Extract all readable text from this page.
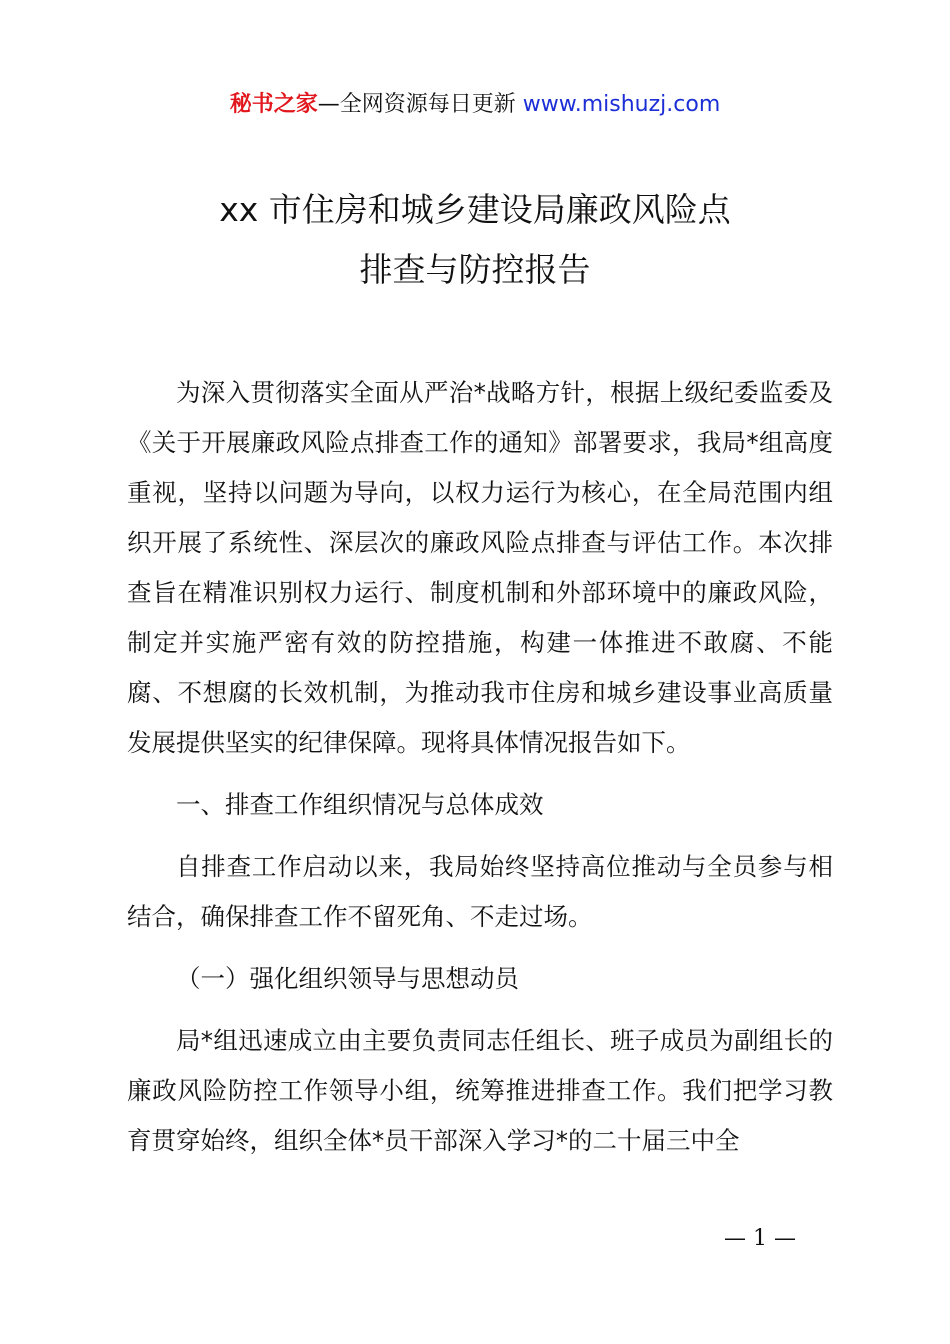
秘书之家—全网资源每日更新 www.mishuzj.com
xx 市住房和城乡建设局廉政风险点
排查与防控报告

为深入贯彻落实全面从严治*战略方针，根据上级纪委监委及《关于开展廉政风险点排查工作的通知》部署要求，我局*组高度重视，坚持以问题为导向，以权力运行为核心，在全局范围内组织开展了系统性、深层次的廉政风险点排查与评估工作。本次排查旨在精准识别权力运行、制度机制和外部环境中的廉政风险，制定并实施严密有效的防控措施，构建一体推进不敢腐、不能腐、不想腐的长效机制，为推动我市住房和城乡建设事业高质量发展提供坚实的纪律保障。现将具体情况报告如下。

一、排查工作组织情况与总体成效

自排查工作启动以来，我局始终坚持高位推动与全员参与相结合，确保排查工作不留死角、不走过场。

（一）强化组织领导与思想动员

局*组迅速成立由主要负责同志任组长、班子成员为副组长的廉政风险防控工作领导小组，统筹推进排查工作。我们把学习教育贯穿始终，组织全体*员干部深入学习*的二十届三中全

— 1 —
